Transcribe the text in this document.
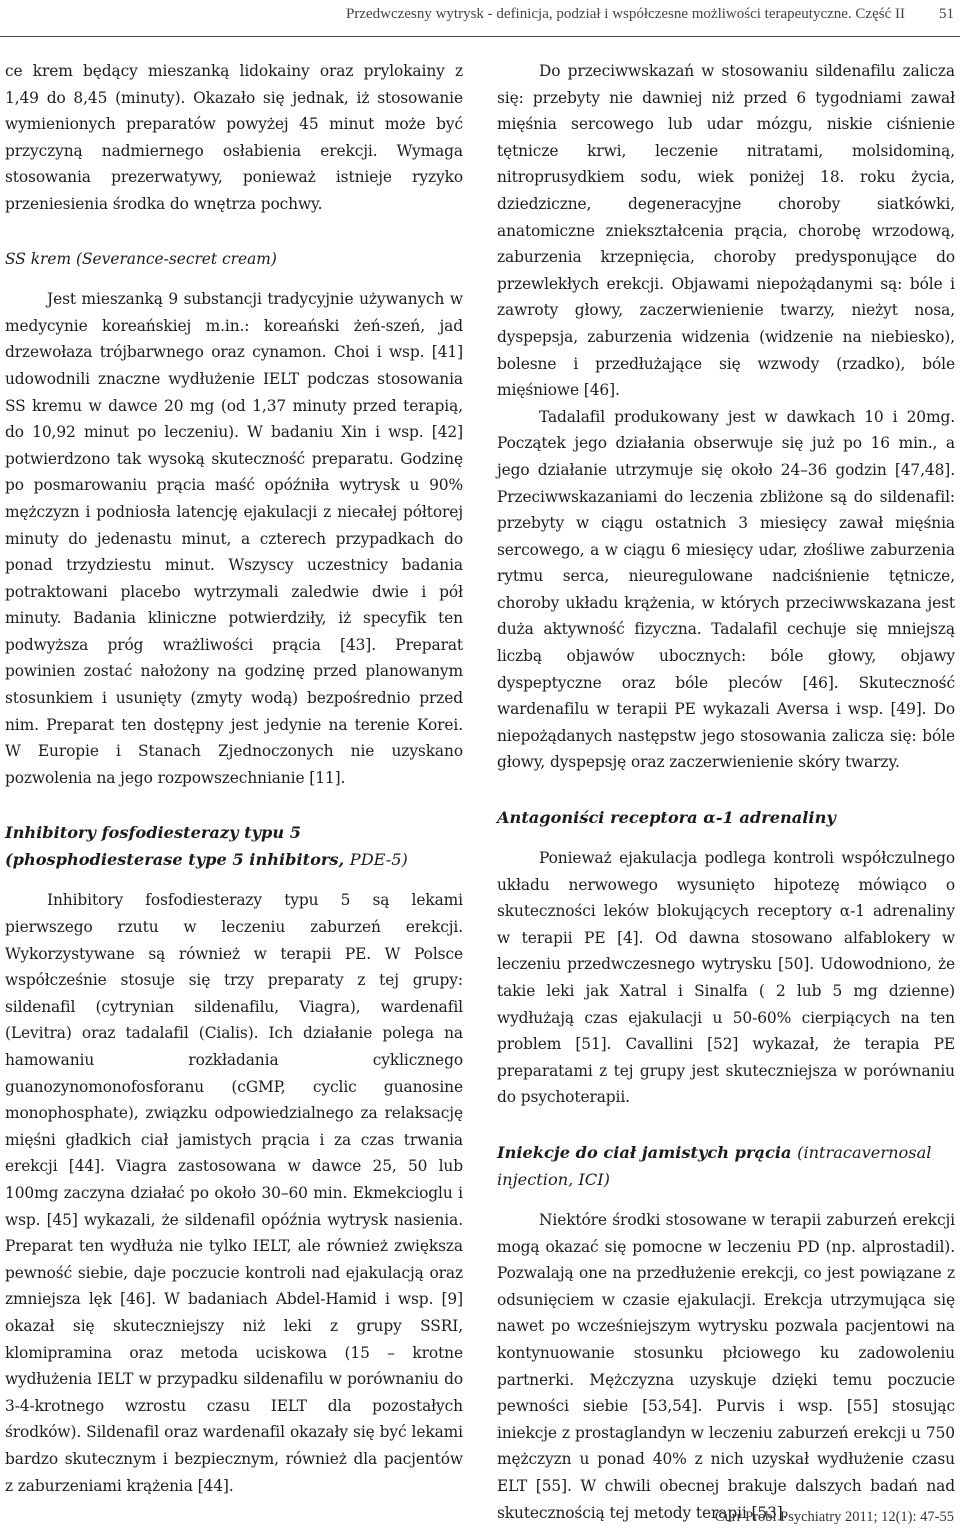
Przedwczesny wytrysk - definicja, podział i współczesne możliwości terapeutyczne. Część II 51

ce krem będący mieszanką lidokainy oraz prylokainy z 1,49 do 8,45 (minuty). Okazało się jednak, iż stosowanie wymienionych preparatów powyżej 45 minut może być przyczyną nadmiernego osłabienia erekcji. Wymaga stosowania prezerwatywy, ponieważ istnieje ryzyko przeniesienia środka do wnętrza pochwy.

SS krem (Severance-secret cream)

Jest mieszanką 9 substancji tradycyjnie używanych w medycynie koreańskiej m.in.: koreański żeń-szeń, jad drzewołaza trójbarwnego oraz cynamon. Choi i wsp. [41] udowodnili znaczne wydłużenie IELT podczas stosowania SS kremu w dawce 20 mg (od 1,37 minuty przed terapią, do 10,92 minut po leczeniu). W badaniu Xin i wsp. [42] potwierdzono tak wysoką skuteczność preparatu. Godzinę po posmarowaniu prącia maść opóźniła wytrysk u 90% mężczyzn i podniosła latencję ejakulacji z niecałej półtorej minuty do jedenastu minut, a czterech przypadkach do ponad trzydziestu minut. Wszyscy uczestnicy badania potraktowani placebo wytrzymali zaledwie dwie i pół minuty. Badania kliniczne potwierdziły, iż specyfik ten podwyższa próg wrażliwości prącia [43]. Preparat powinien zostać nałożony na godzinę przed planowanym stosunkiem i usunięty (zmyty wodą) bezpośrednio przed nim. Preparat ten dostępny jest jedynie na terenie Korei. W Europie i Stanach Zjednoczonych nie uzyskano pozwolenia na jego rozpowszechnianie [11].

Inhibitory fosfodiesterazy typu 5 (phosphodiesterase type 5 inhibitors, PDE-5)

Inhibitory fosfodiesterazy typu 5 są lekami pierwszego rzutu w leczeniu zaburzeń erekcji. Wykorzystywane są również w terapii PE. W Polsce współcześnie stosuje się trzy preparaty z tej grupy: sildenafil (cytrynian sildenafilu, Viagra), wardenafil (Levitra) oraz tadalafil (Cialis). Ich działanie polega na hamowaniu rozkładania cyklicznego guanozynomonofosforanu (cGMP, cyclic guanosine monophosphate), związku odpowiedzialnego za relaksację mięśni gładkich ciał jamistych prącia i za czas trwania erekcji [44]. Viagra zastosowana w dawce 25, 50 lub 100mg zaczyna działać po około 30–60 min. Ekmekcioglu i wsp. [45] wykazali, że sildenafil opóźnia wytrysk nasienia. Preparat ten wydłuża nie tylko IELT, ale również zwiększa pewność siebie, daje poczucie kontroli nad ejakulacją oraz zmniejsza lęk [46]. W badaniach Abdel-Hamid i wsp. [9] okazał się skuteczniejszy niż leki z grupy SSRI, klomipramina oraz metoda uciskowa (15 – krotne wydłużenia IELT w przypadku sildenafilu w porównaniu do 3-4-krotnego wzrostu czasu IELT dla pozostałych środków). Sildenafil oraz wardenafil okazały się być lekami bardzo skutecznym i bezpiecznym, również dla pacjentów z zaburzeniami krążenia [44].

Do przeciwwskazań w stosowaniu sildenafilu zalicza się: przebyty nie dawniej niż przed 6 tygodniami zawał mięśnia sercowego lub udar mózgu, niskie ciśnienie tętnicze krwi, leczenie nitratami, molsidominą, nitroprusydkiem sodu, wiek poniżej 18. roku życia, dziedziczne, degeneracyjne choroby siatkówki, anatomiczne zniekształcenia prącia, chorobę wrzodową, zaburzenia krzepnięcia, choroby predysponujące do przewlekłych erekcji. Objawami niepożądanymi są: bóle i zawroty głowy, zaczerwienienie twarzy, nieżyt nosa, dyspepsja, zaburzenia widzenia (widzenie na niebiesko), bolesne i przedłużające się wzwody (rzadko), bóle mięśniowe [46].

Tadalafil produkowany jest w dawkach 10 i 20mg. Początek jego działania obserwuje się już po 16 min., a jego działanie utrzymuje się około 24–36 godzin [47,48]. Przeciwwskazaniami do leczenia zbliżone są do sildenafil: przebyty w ciągu ostatnich 3 miesięcy zawał mięśnia sercowego, a w ciągu 6 miesięcy udar, złośliwe zaburzenia rytmu serca, nieuregulowane nadciśnienie tętnicze, choroby układu krążenia, w których przeciwwskazana jest duża aktywność fizyczna. Tadalafil cechuje się mniejszą liczbą objawów ubocznych: bóle głowy, objawy dyspeptyczne oraz bóle pleców [46]. Skuteczność wardenafilu w terapii PE wykazali Aversa i wsp. [49]. Do niepożądanych następstw jego stosowania zalicza się: bóle głowy, dyspepsję oraz zaczerwienienie skóry twarzy.

Antagoniści receptora α-1 adrenaliny

Ponieważ ejakulacja podlega kontroli współczulnego układu nerwowego wysunięto hipotezę mówiąco o skuteczności leków blokujących receptory α-1 adrenaliny w terapii PE [4]. Od dawna stosowano alfablokery w leczeniu przedwczesnego wytrysku [50]. Udowodniono, że takie leki jak Xatral i Sinalfa ( 2 lub 5 mg dzienne) wydłużają czas ejakulacji u 50-60% cierpiących na ten problem [51]. Cavallini [52] wykazał, że terapia PE preparatami z tej grupy jest skuteczniejsza w porównaniu do psychoterapii.

Iniekcje do ciał jamistych prącia (intracavernosal injection, ICI)

Niektóre środki stosowane w terapii zaburzeń erekcji mogą okazać się pomocne w leczeniu PD (np. alprostadil). Pozwalają one na przedłużenie erekcji, co jest powiązane z odsunięciem w czasie ejakulacji. Erekcja utrzymująca się nawet po wcześniejszym wytrysku pozwala pacjentowi na kontynuowanie stosunku płciowego ku zadowoleniu partnerki. Mężczyzna uzyskuje dzięki temu poczucie pewności siebie [53,54]. Purvis i wsp. [55] stosując iniekcje z prostaglandyn w leczeniu zaburzeń erekcji u 750 mężczyzn u ponad 40% z nich uzyskał wydłużenie czasu ELT [55]. W chwili obecnej brakuje dalszych badań nad skutecznością tej metody terapii [53].

Curr Probl Psychiatry 2011; 12(1): 47-55
